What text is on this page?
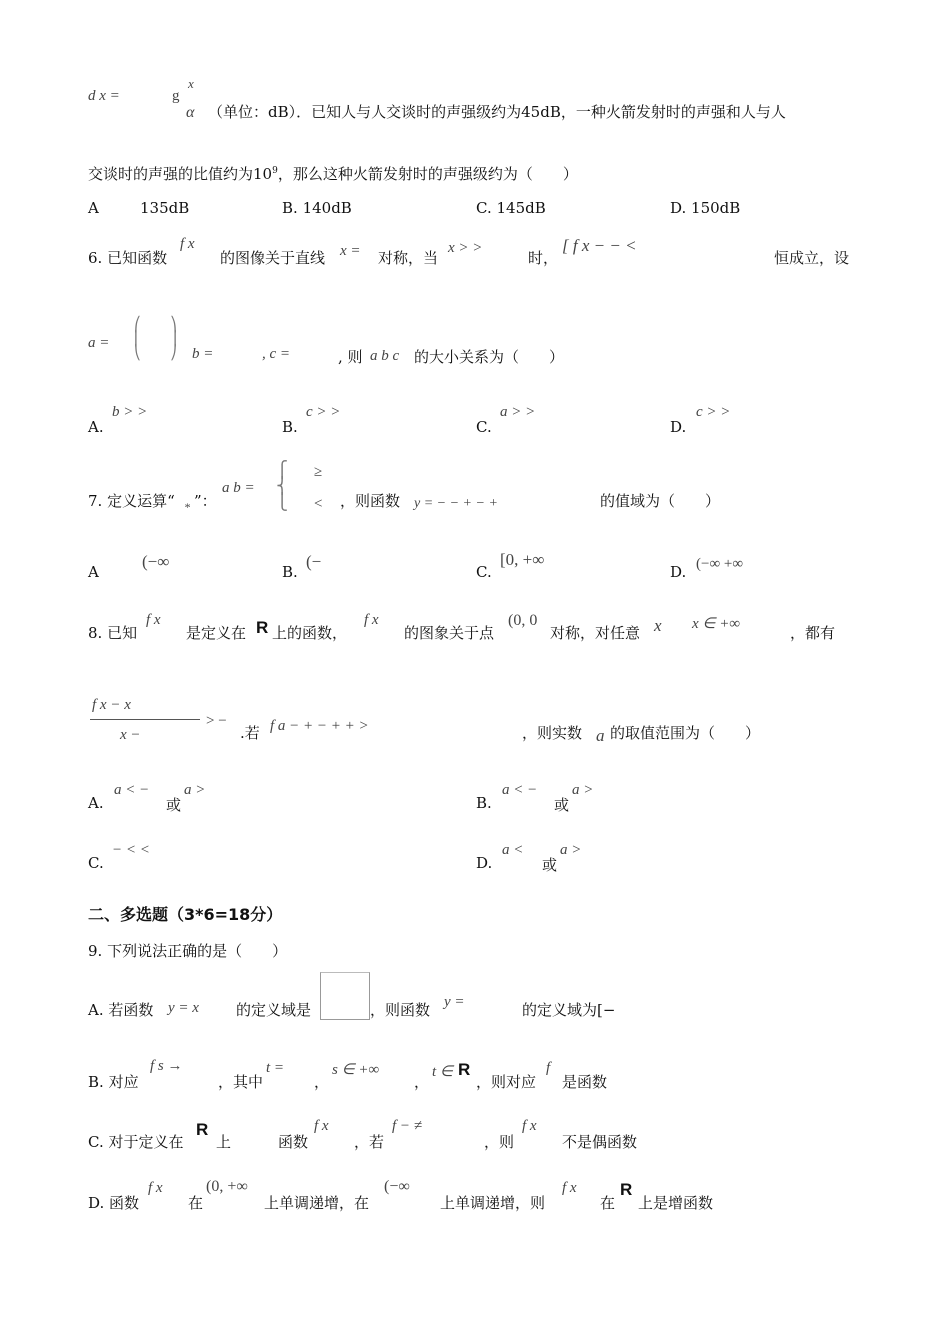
d x =	g
x
α （单位：dB）．已知人与人交谈时的声强级约为45dB，一种火箭发射时的声强和人与人
交谈时的声强的比值约为$10^9$，那么这种火箭发射时的声强级约为（　　）
A	135dB	B. 140dB	C. 145dB	D. 150dB
6. 已知函数
f x
的图像关于直线 x = 对称，当
x > >
时，
[ f x − − <
恒成立，设
a =
⎛
⎜
⎝
⎞
⎟
⎠ b =	, c =	, 则 a b c 的大小关系为（　　）
A.
b > >
B.
c > >
C.
a > >
D.
c > >
7. 定义运算“ * ”：
a b =
⎧
⎨
⎩
≥
< ，则函数 y = − − + − +	的值域为（　　）
A
(−∞
B.
(−
C.
[0, +∞
D. (−∞ +∞
8. 已知
f x
是定义在 R 上的函数，
f x
的图象关于点
(0, 0
对称，对任意 x x ∈ +∞	，都有
f x − x
x −
> −
.若 f a − + − + + >	，则实数 a 的取值范围为（　　）
A.
a < −
或
a >
B.
a < −
或
a >
C.
− < <
D.
a <
或
a >
二、多选题（3*6=18分）
9. 下列说法正确的是（　　）
A. 若函数 y = x 的定义域是	，则函数 y =	的定义域为[−
B. 对应
f s →
，其中
t =
，
s ∈ +∞
，
t ∈ R
，则对应
f
是函数
C. 对于定义在
R
上	函数
f x
，若
f − ≠
，则
f x
不是偶函数
D. 函数
f x
在
(0, +∞
上单调递增，在
(−∞
上单调递增，则
f x
在
R
上是增函数
